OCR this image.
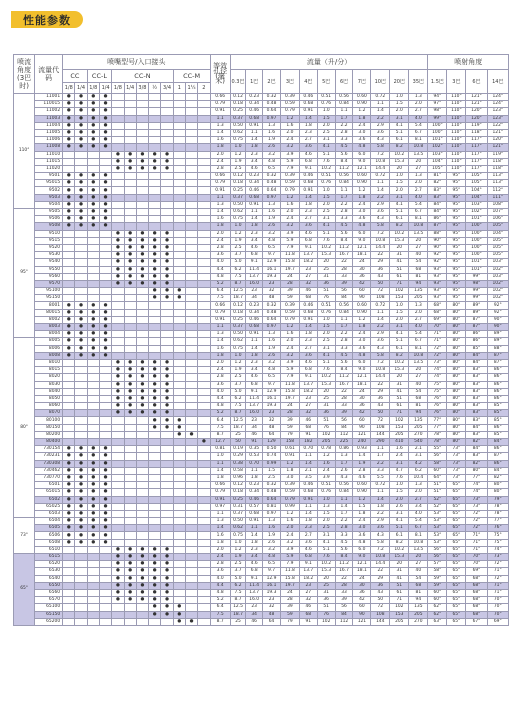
性能参数
喷流角度(3巴时)	流量代码	喷嘴型号/入口接头												等效孔径(毫米)	流量（升/分）											喷射角度			
		CC		CC-L		CC-N					CC-M				0.3巴	1巴	2巴	3巴	4巴	5巴	6巴	7巴	10巴	20巴	35巴	1.5巴	3巴	6巴	14巴
		1/8	1/4	1/8	1/4	1/8	1/4	3/8	½	3/4	1	1¼	2																
110°	11001	●	●	●	●									0.66	0.12	0.23	0.32	0.39	0.46	0.51	0.56	0.60	0.72	1.0	1.3	94°	110°	121°	124°
	110015	●	●	●	●									0.79	0.18	0.34	0.48	0.59	0.68	0.76	0.84	0.90	1.1	1.5	2.0	97°	110°	121°	124°
	11002	●	●	●	●									0.91	0.25	0.46	0.64	0.79	0.91	1.0	1.1	1.2	1.4	2.0	2.7	98°	110°	120°	123°
	11003	●	●	●	●									1.1	0.37	0.68	0.97	1.2	1.4	1.5	1.7	1.8	2.2	3.1	4.0	99°	110°	120°	123°
	11004	●	●	●	●									1.3	0.50	0.91	1.3	1.6	1.8	2.0	2.2	2.4	2.9	4.1	5.4	100°	110°	119°	122°
	11005	●	●	●	●									1.4	0.62	1.1	1.6	2.0	2.3	2.5	2.8	3.0	3.6	5.1	6.7	100°	110°	118°	121°
	11006	●	●	●	●									1.6	0.75	1.4	1.9	2.4	2.7	3.1	3.3	3.6	4.3	6.1	8.1	101°	110°	117°	120°
	11008	●	●	●	●									1.8	1.0	1.8	2.6	3.2	3.6	4.1	4.5	4.8	5.8	8.2	10.8	102°	110°	117°	121°
	11010					●	●	●	●	●				2.0	1.2	2.3	3.2	3.9	4.6	5.1	5.6	6.0	7.2	10.2	13.5	103°	110°	117°	119°
	11015					●	●	●	●	●				2.4	1.9	3.4	4.8	5.9	6.8	7.6	8.4	9.0	10.8	15.3	20	104°	110°	117°	118°
	11020					●	●	●	●	●				2.8	2.5	4.6	6.5	7.9	9.1	10.2	11.2	12.1	14.4	20	27	105°	110°	117°	118°
	9501	●	●	●	●									0.66	0.12	0.23	0.32	0.39	0.46	0.51	0.56	0.60	0.72	1.0	1.3	81°	95°	105°	113°
	95015	●	●	●	●									0.79	0.18	0.34	0.48	0.59	0.68	0.76	0.84	0.90	1.1	1.5	2.0	82°	95°	105°	113°
	9502	●	●	●	●									0.91	0.25	0.46	0.64	0.79	0.91	1.0	1.1	1.2	1.4	2.0	2.7	83°	95°	104°	112°
	9503	●	●	●	●									1.1	0.37	0.68	0.97	1.2	1.4	1.5	1.7	1.8	2.2	3.1	4.0	83°	95°	104°	111°
	9504	●	●	●	●									1.3	0.50	0.91	1.3	1.6	1.8	2.0	2.2	2.4	2.9	4.1	5.4	84°	95°	103°	108°
95°	9505	●	●	●	●									1.4	0.62	1.1	1.6	2.0	2.3	2.5	2.8	3.0	3.6	5.1	6.7	84°	95°	102°	107°
	9506	●	●	●	●									1.6	0.75	1.4	1.9	2.4	2.7	3.1	3.3	3.6	4.3	6.1	8.1	86°	95°	101°	106°
	9508	●	●	●	●									1.8	1.0	1.8	2.6	3.2	3.6	4.1	4.5	4.8	5.8	8.2	10.8	87°	95°	100°	105°
	9510					●	●	●	●	●				2.0	1.2	2.3	3.2	3.9	4.6	5.1	5.6	6.0	7.2	10.2	13.5	88°	95°	100°	104°
	9515					●	●	●	●	●				2.4	1.9	3.4	4.8	5.9	6.8	7.6	8.4	9.0	10.8	15.3	20	90°	95°	100°	105°
	9520					●	●	●	●	●				2.8	2.5	4.6	6.5	7.9	9.1	10.2	11.2	12.1	14.4	20	27	90°	95°	100°	105°
	9530					●	●	●	●	●				3.6	3.7	6.8	9.7	11.8	13.7	15.3	16.7	18.1	22	31	40	92°	95°	100°	105°
	9540					●	●	●	●	●				4.0	5.0	9.1	12.9	15.8	18.2	20	22	24	29	41	54	92°	95°	101°	103°
	9550					●	●	●	●	●				4.4	6.2	11.4	16.1	19.7	23	25	28	30	36	51	68	93°	95°	101°	102°
	9560					●	●	●	●	●				4.8	7.5	13.7	19.3	24	27	31	33	36	43	61	81	93°	95°	99°	103°
	9570					●	●	●	●	●				5.2	8.7	16.0	23	28	32	36	39	42	50	71	94	93°	95°	98°	102°
	95100								●	●	●			6.4	12.5	23	32	39	46	51	56	60	72	102	135	93°	95°	99°	102°
	95150								●	●	●			7.5	18.7	34	48	59	68	76	84	90	108	153	205	93°	95°	99°	102°
	8001	●	●	●	●									0.66	0.12	0.23	0.32	0.39	0.46	0.51	0.56	0.60	0.72	1.0	1.3	68°	80°	89°	92°
	80015	●	●	●	●									0.79	0.18	0.34	0.48	0.59	0.68	0.76	0.84	0.90	1.1	1.5	2.0	68°	80°	89°	92°
	8002	●	●	●	●									0.91	0.25	0.46	0.64	0.79	0.91	1.0	1.1	1.2	1.4	2.0	2.7	69°	80°	87°	90°
	8003	●	●	●	●									1.1	0.37	0.68	0.97	1.2	1.4	1.5	1.7	1.8	2.2	3.1	4.0	70°	80°	87°	90°
	8004	●	●	●	●									1.3	0.50	0.91	1.3	1.6	1.8	2.0	2.2	2.4	2.9	4.1	5.4	71°	80°	86°	89°
80°	8005	●	●	●	●									1.4	0.62	1.1	1.6	2.0	2.3	2.5	2.8	3.0	3.6	5.1	6.7	71°	80°	86°	89°
	8006	●	●	●	●									1.6	0.75	1.4	1.9	2.4	2.7	3.1	3.3	3.6	4.3	6.1	8.1	72°	80°	85°	88°
	8008	●	●	●	●									1.8	1.0	1.8	2.6	3.2	3.6	4.1	4.5	4.8	5.8	8.2	10.8	72°	80°	84°	87°
	8010					●	●	●	●	●				2.0	1.2	2.3	3.2	3.9	4.6	5.1	5.6	6.0	7.2	10.2	13.5	73°	80°	84°	87°
	8015					●	●	●	●	●				2.4	1.9	3.4	4.8	5.9	6.8	7.6	8.4	9.0	10.8	15.3	20	74°	80°	83°	86°
	8020					●	●	●	●	●				2.8	2.5	4.6	6.5	7.9	9.1	10.2	11.2	12.1	14.4	20	27	74°	80°	83°	86°
	8030					●	●	●	●	●				3.6	3.7	6.8	9.7	11.8	13.7	15.3	16.7	18.1	22	31	40	75°	80°	83°	86°
	8040					●	●	●	●	●				4.0	5.0	9.1	12.9	15.8	18.2	20	22	24	29	41	54	75°	80°	83°	86°
	8050					●	●	●	●	●				4.4	6.2	11.4	16.1	19.7	23	25	28	30	36	51	68	76°	80°	83°	86°
	8060					●	●	●	●	●				4.8	7.5	13.7	19.3	24	27	31	33	36	43	61	81	76°	80°	83°	85°
	8070					●	●	●	●	●				5.2	8.7	16.0	23	28	32	36	39	42	50	71	94	76°	80°	83°	85°
	80100								●	●	●			6.4	12.5	23	32	39	46	51	56	60	72	102	135	77°	80°	83°	85°
	80150								●	●	●			7.5	18.7	34	48	59	68	76	84	90	108	153	205	77°	80°	84°	86°
	80200										●	●		8.7	25	46	64	79	91	102	112	121	144	205	270	78°	80°	83°	85°
	80400												●	12.7	50	91	129	158	182	205	225	240	290	410	540	78°	80°	82°	84°
	730154	●	●	●	●									0.81	0.19	0.35	0.50	0.61	0.70	0.78	0.86	0.93	1.1	1.6	2.1	55°	73°	84°	86°
	730231	●	●	●	●									1.0	0.29	0.53	0.74	0.91	1.1	1.2	1.3	1.4	1.7	2.4	3.1	56°	73°	83°	87°
	730308	●	●	●	●									1.1	0.38	0.70	0.99	1.2	1.4	1.6	1.7	1.9	2.2	3.1	4.2	58°	73°	82°	86°
	730462	●	●	●	●									1.4	0.58	1.1	1.5	1.8	2.1	2.4	2.6	2.8	3.3	4.7	6.2	60°	73°	80°	84°
	730770	●	●	●	●									1.8	0.96	1.8	2.5	3.0	3.5	3.9	4.3	4.6	5.5	7.6	10.4	64°	73°	77°	82°
	6501	●	●	●	●									0.66	0.12	0.23	0.32	0.39	0.46	0.51	0.56	0.60	0.72	1.0	1.3	51°	65°	74°	80°
	65015	●	●	●	●									0.79	0.18	0.34	0.48	0.59	0.68	0.76	0.84	0.90	1.1	1.5	2.0	51°	65°	74°	80°
	6502	●	●	●	●									0.91	0.25	0.46	0.64	0.79	0.91	1.0	1.1	1.2	1.4	2.0	2.7	52°	65°	73°	79°
	65025	●	●	●	●									0.97	0.31	0.57	0.81	0.99	1.1	1.3	1.4	1.5	1.8	2.6	3.4	52°	65°	73°	78°
	6503	●	●	●	●									1.1	0.37	0.68	0.97	1.2	1.4	1.5	1.7	1.8	2.2	3.1	4.0	53°	65°	72°	78°
73°	6504	●	●	●	●									1.3	0.50	0.91	1.3	1.6	1.8	2.0	2.2	2.4	2.9	4.1	5.4	53°	65°	72°	77°
	6505	●	●	●	●									1.4	0.62	1.1	1.6	2.0	2.3	2.5	2.8	3.0	3.6	5.1	6.7	53°	65°	72°	76°
	6506	●	●	●	●									1.6	0.75	1.4	1.9	2.4	2.7	3.1	3.3	3.6	4.3	6.1	8.1	53°	65°	71°	75°
	6508	●	●	●	●									1.8	1.0	1.8	2.6	3.2	3.6	4.1	4.5	4.8	5.8	8.2	10.8	53°	65°	71°	75°
	6510					●	●	●	●	●				2.0	1.2	2.3	3.2	3.9	4.6	5.1	5.6	6.0	7.2	10.2	13.5	56°	65°	71°	74°
65°	6515					●	●	●	●	●				2.4	1.9	3.4	4.8	5.9	6.8	7.6	8.4	9.0	10.8	15.3	20	56°	65°	70°	73°
	6520					●	●	●	●	●				2.8	2.5	4.6	6.5	7.9	9.1	10.2	11.2	12.1	14.4	20	27	57°	65°	70°	72°
	6530					●	●	●	●	●				3.6	3.7	6.8	9.7	11.8	13.7	15.3	16.7	18.1	22	31	40	58°	65°	69°	71°
	6540					●	●	●	●	●				4.0	5.0	9.1	12.9	15.8	18.2	20	22	24	29	41	54	59°	65°	68°	72°
	6550					●	●	●	●	●				4.4	6.2	11.4	16.1	19.7	23	25	28	30	36	51	68	59°	65°	68°	71°
	6560					●	●	●	●	●				4.8	7.5	13.7	19.3	24	27	31	33	36	43	61	81	60°	65°	68°	71°
	6570					●	●	●	●	●				5.2	8.7	16.0	23	28	32	36	39	42	50	71	94	60°	65°	68°	70°
	65100								●	●	●			6.4	12.5	23	32	39	46	51	56	60	72	102	135	62°	65°	68°	70°
	65150								●	●	●			7.5	18.7	34	48	59	68	76	84	90	108	153	205	62°	65°	68°	70°
	65200										●	●		8.7	25	46	64	79	91	102	112	121	144	205	270	63°	65°	67°	69°
